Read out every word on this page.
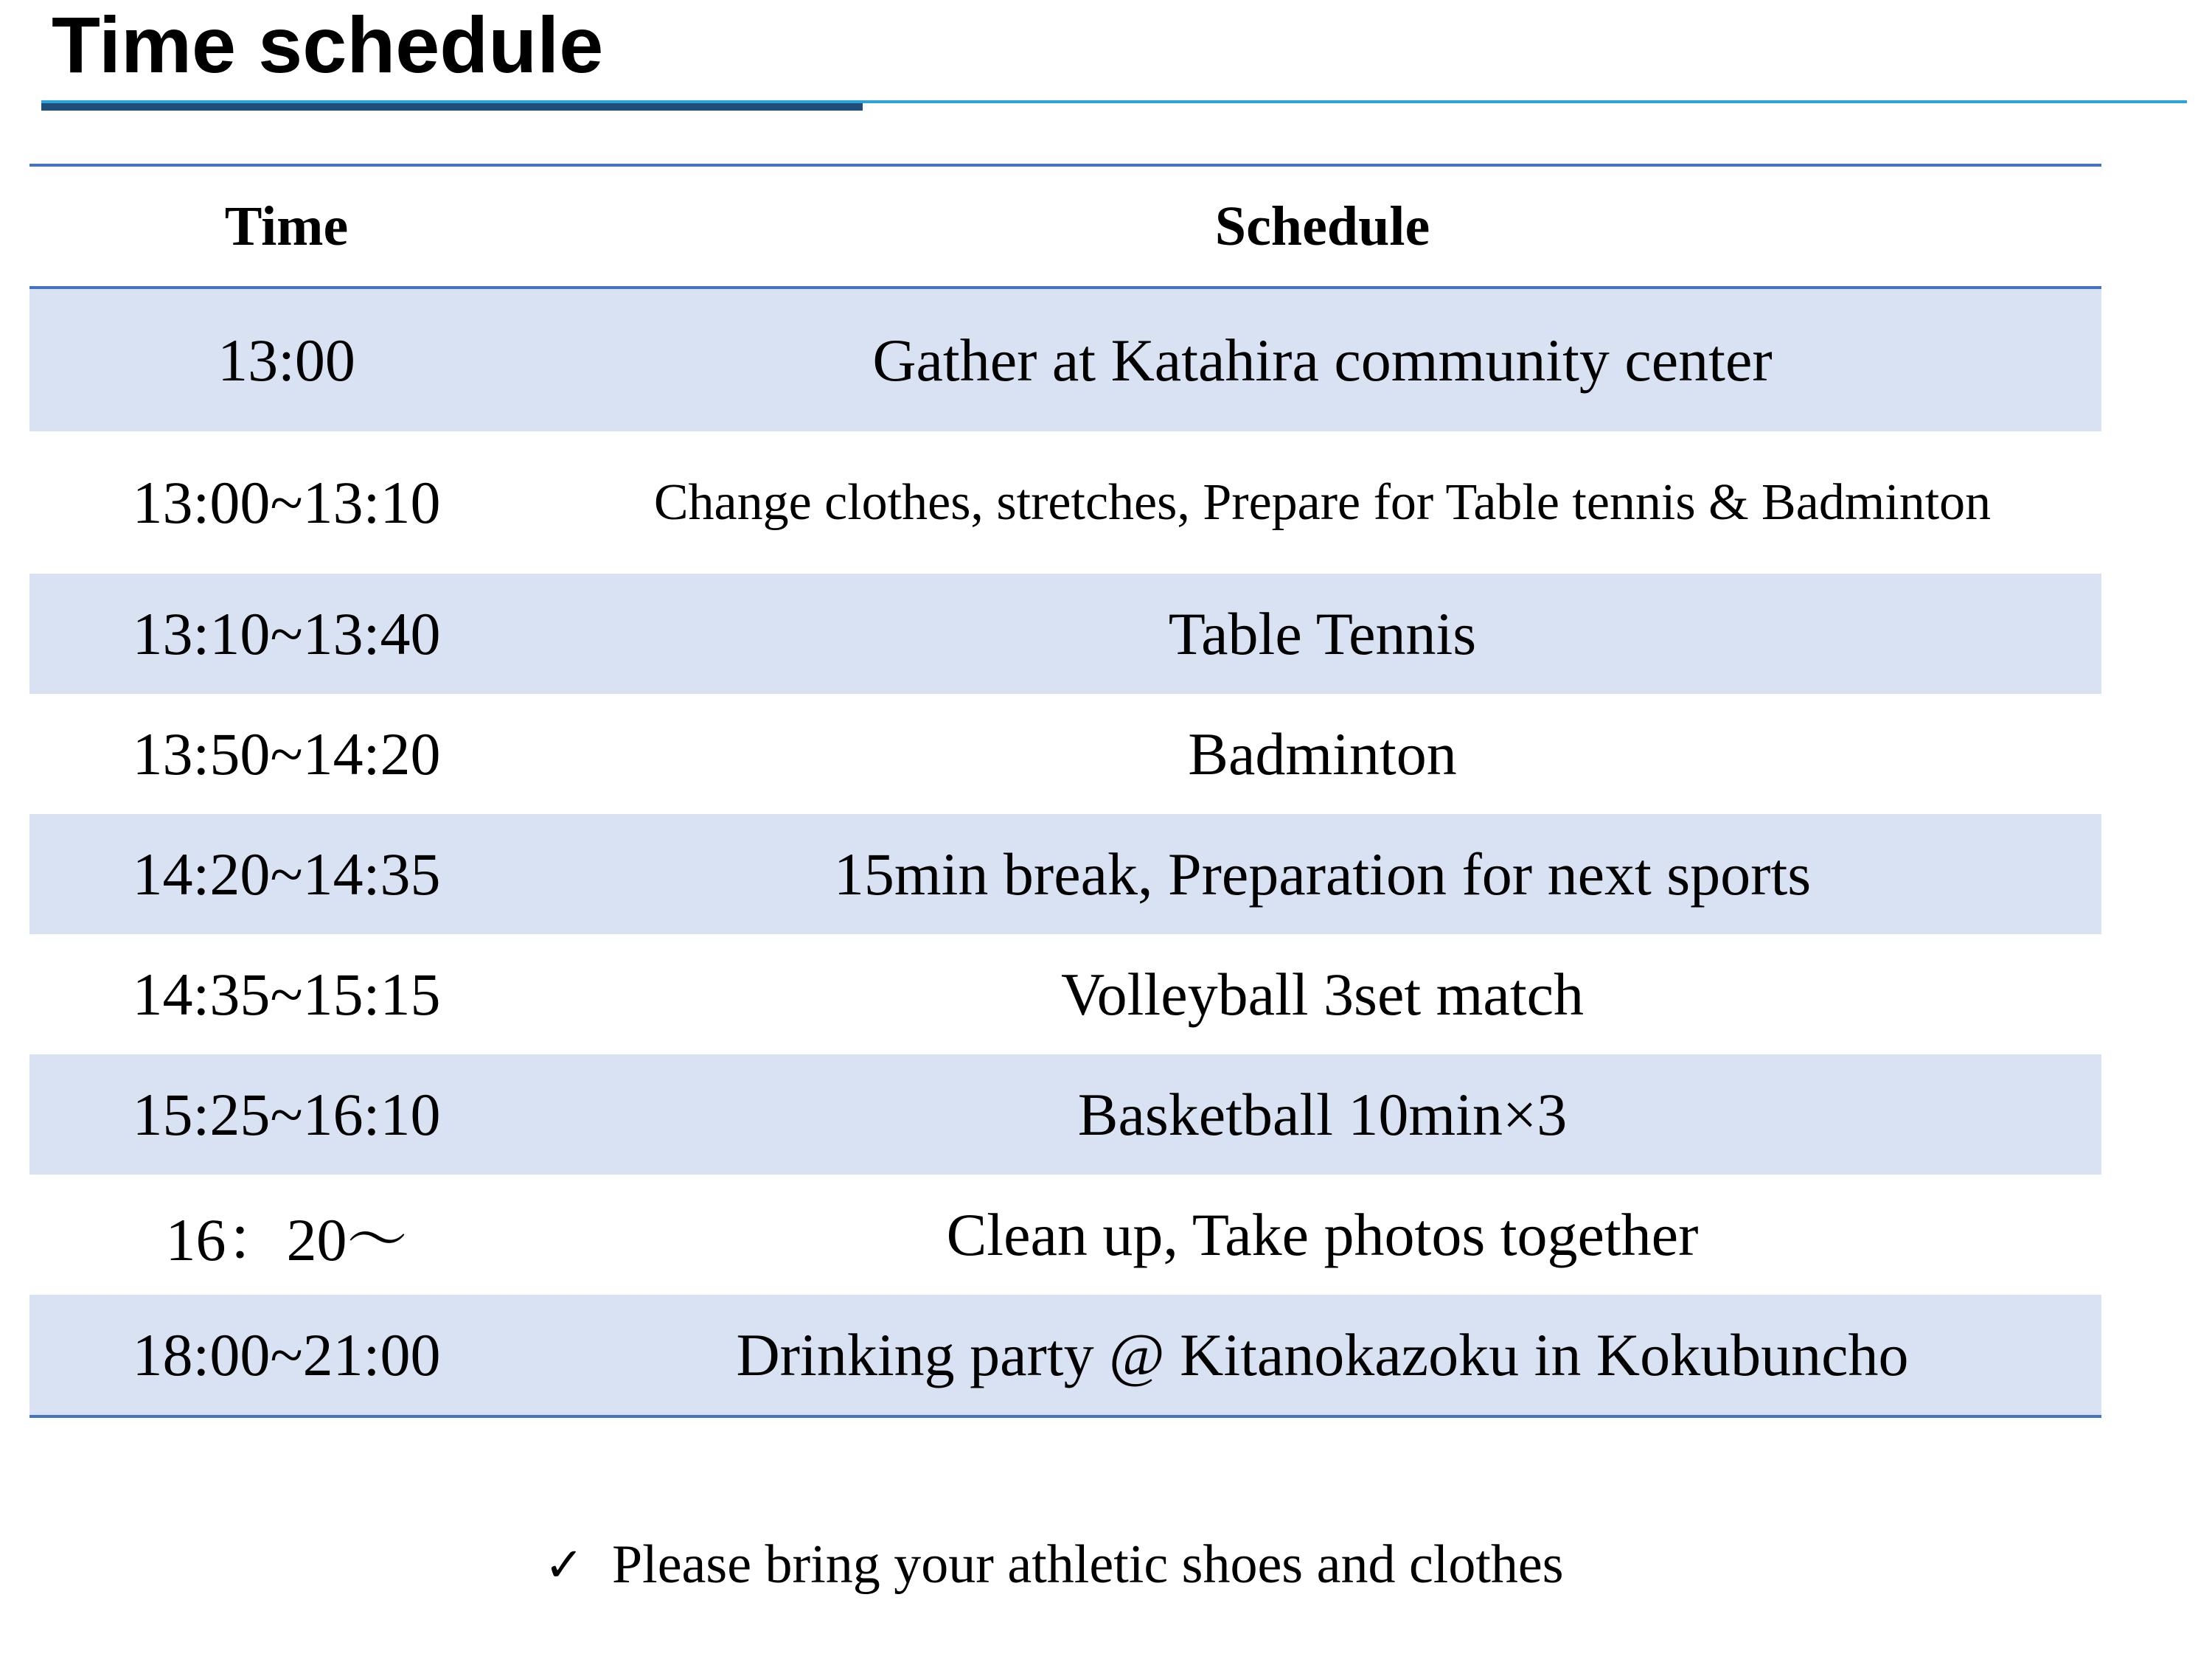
Time schedule
Time	Schedule
13:00	Gather at Katahira community center
13:00~13:10	Change clothes, stretches, Prepare for Table tennis & Badminton
13:10~13:40	Table Tennis
13:50~14:20	Badminton
14:20~14:35	15min break, Preparation for next sports
14:35~15:15	Volleyball 3set match
15:25~16:10	Basketball 10min×3
16：20～	Clean up, Take photos together
18:00~21:00	Drinking party @ Kitanokazoku in Kokubuncho
✓ Please bring your athletic shoes and clothes
